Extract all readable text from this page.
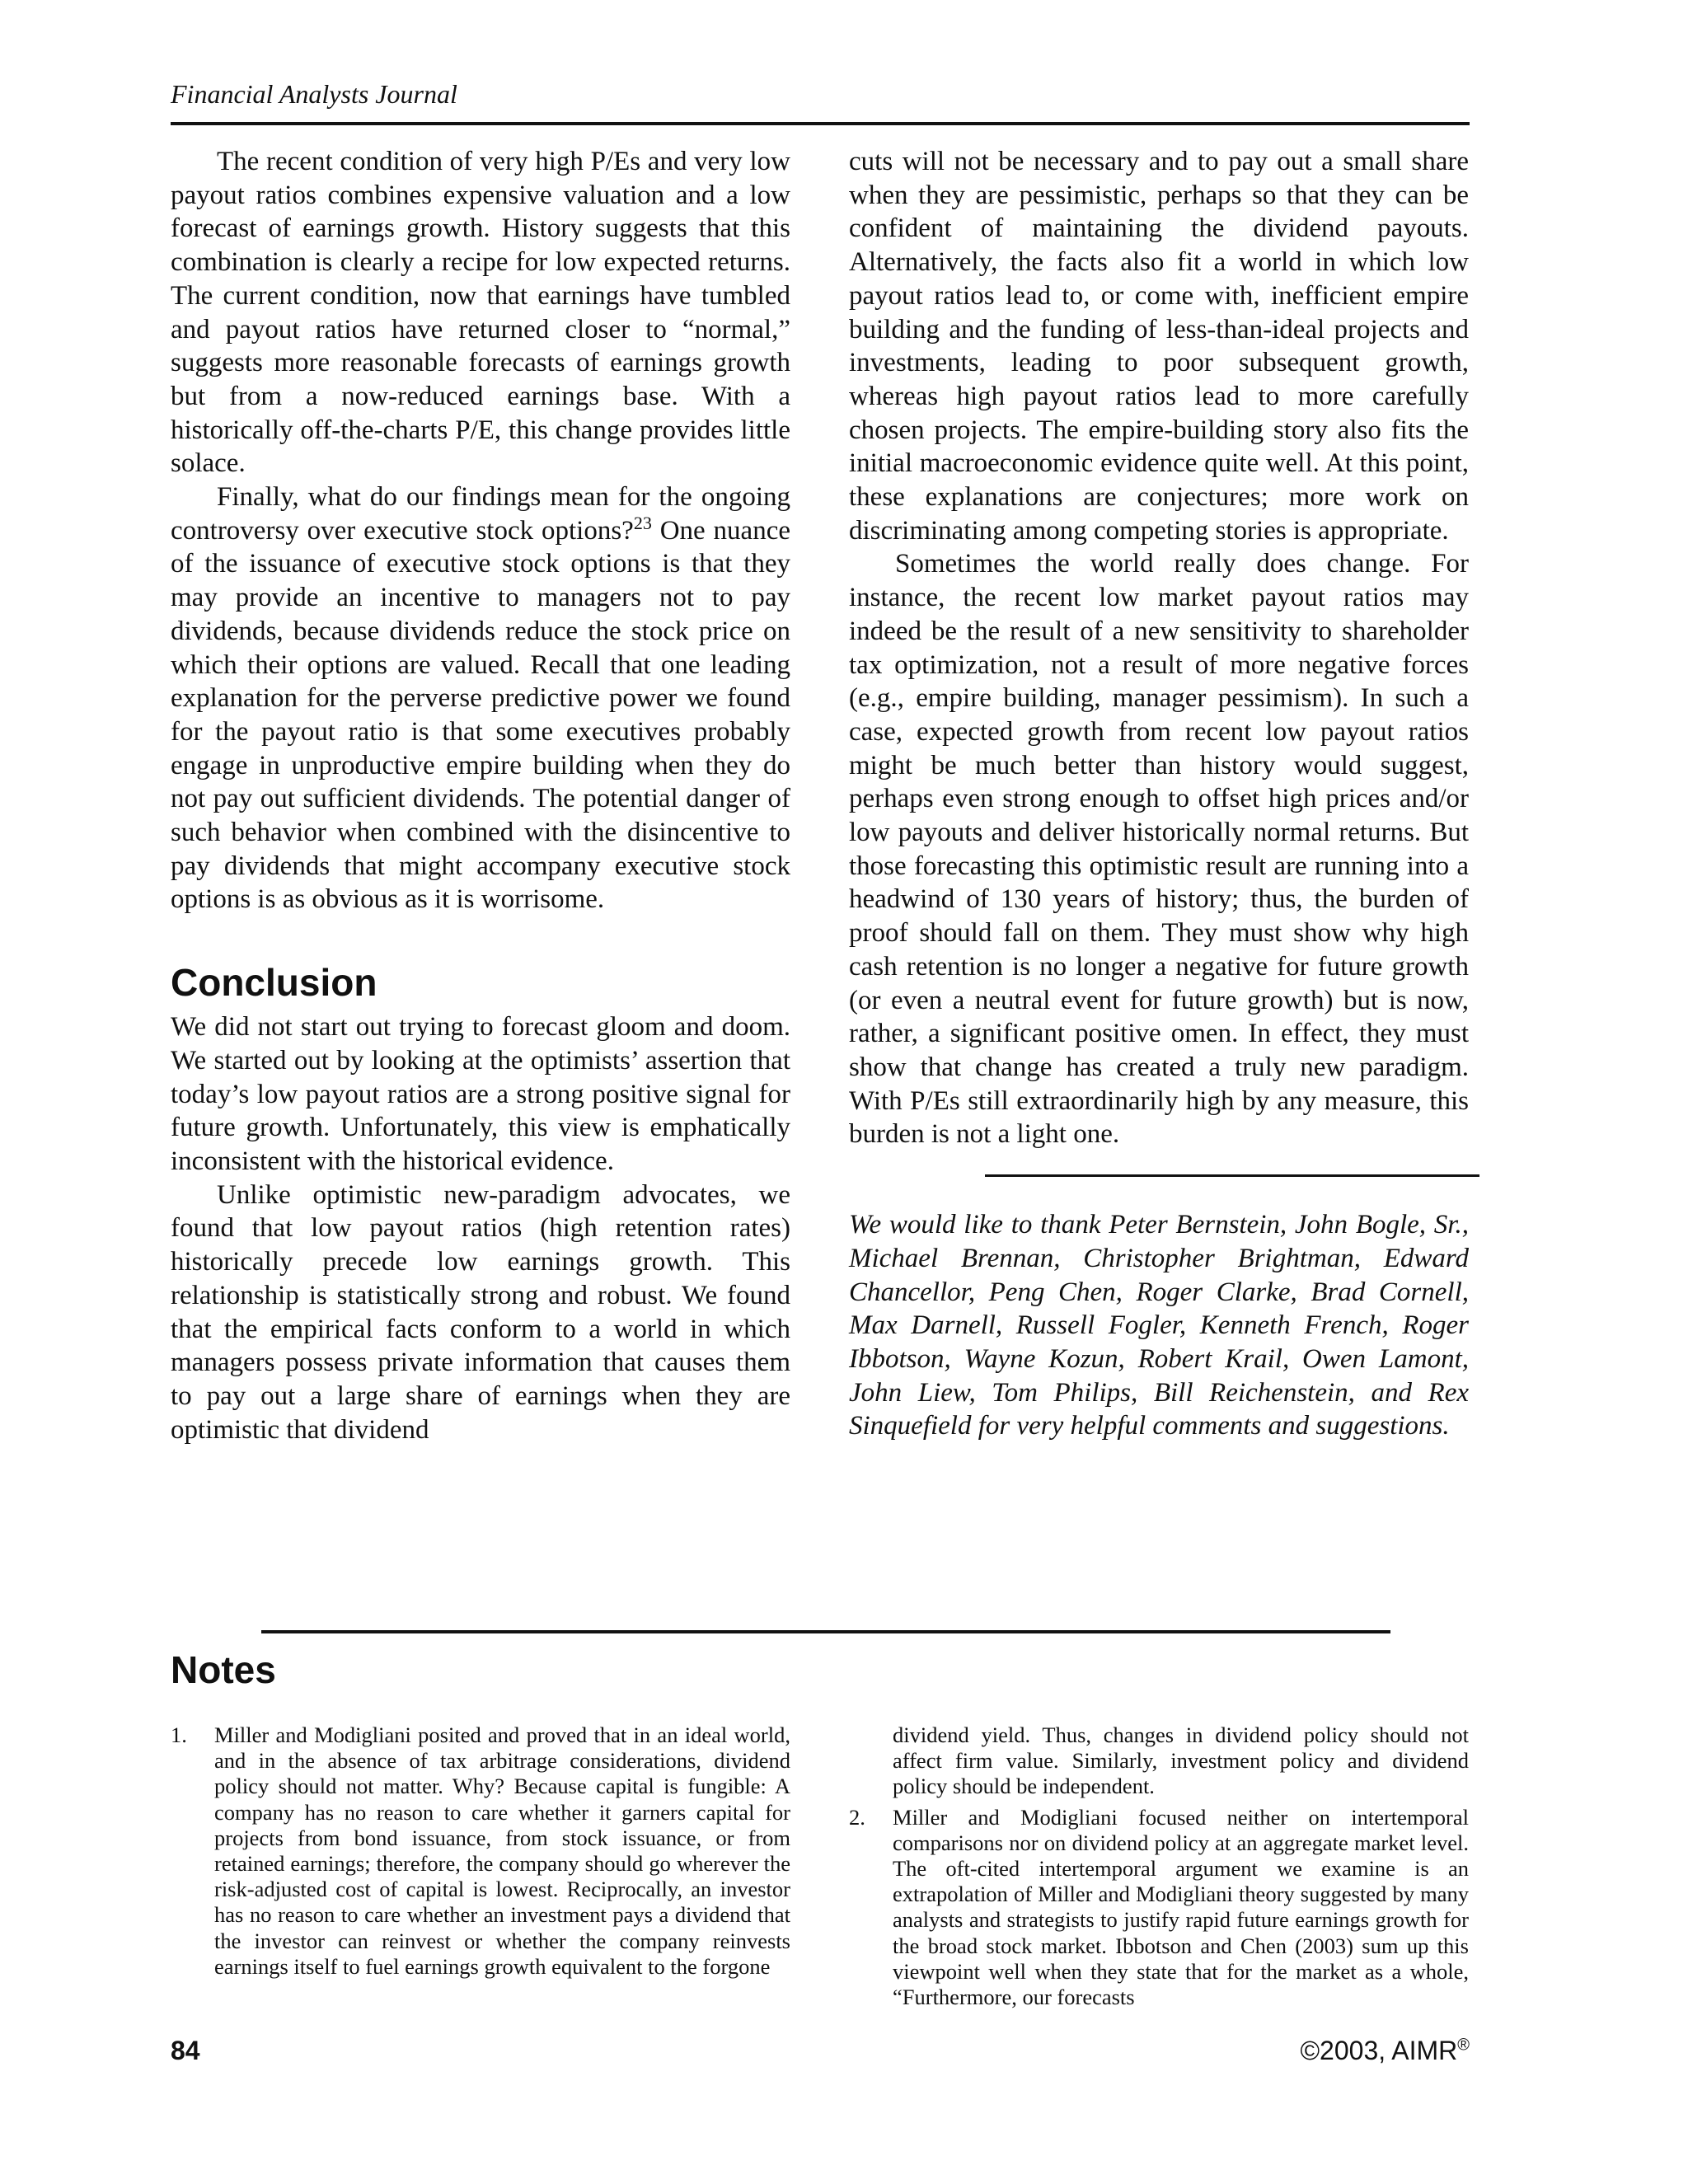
Financial Analysts Journal

The recent condition of very high P/Es and very low payout ratios combines expensive valuation and a low forecast of earnings growth. History suggests that this combination is clearly a recipe for low expected returns. The current condition, now that earnings have tumbled and payout ratios have returned closer to “normal,” suggests more reasonable forecasts of earnings growth but from a now-reduced earnings base. With a historically off-the-charts P/E, this change provides little solace.

Finally, what do our findings mean for the ongoing controversy over executive stock options?$^{23}$ One nuance of the issuance of executive stock options is that they may provide an incentive to managers not to pay dividends, because dividends reduce the stock price on which their options are valued. Recall that one leading explanation for the perverse predictive power we found for the payout ratio is that some executives probably engage in unproductive empire building when they do not pay out sufficient dividends. The potential danger of such behavior when combined with the disincentive to pay dividends that might accompany executive stock options is as obvious as it is worrisome.

Conclusion

We did not start out trying to forecast gloom and doom. We started out by looking at the optimists’ assertion that today’s low payout ratios are a strong positive signal for future growth. Unfortunately, this view is emphatically inconsistent with the historical evidence.

Unlike optimistic new-paradigm advocates, we found that low payout ratios (high retention rates) historically precede low earnings growth. This relationship is statistically strong and robust. We found that the empirical facts conform to a world in which managers possess private information that causes them to pay out a large share of earnings when they are optimistic that dividend

cuts will not be necessary and to pay out a small share when they are pessimistic, perhaps so that they can be confident of maintaining the dividend payouts. Alternatively, the facts also fit a world in which low payout ratios lead to, or come with, inefficient empire building and the funding of less-than-ideal projects and investments, leading to poor subsequent growth, whereas high payout ratios lead to more carefully chosen projects. The empire-building story also fits the initial macroeconomic evidence quite well. At this point, these explanations are conjectures; more work on discriminating among competing stories is appropriate.

Sometimes the world really does change. For instance, the recent low market payout ratios may indeed be the result of a new sensitivity to shareholder tax optimization, not a result of more negative forces (e.g., empire building, manager pessimism). In such a case, expected growth from recent low payout ratios might be much better than history would suggest, perhaps even strong enough to offset high prices and/or low payouts and deliver historically normal returns. But those forecasting this optimistic result are running into a headwind of 130 years of history; thus, the burden of proof should fall on them. They must show why high cash retention is no longer a negative for future growth (or even a neutral event for future growth) but is now, rather, a significant positive omen. In effect, they must show that change has created a truly new paradigm. With P/Es still extraordinarily high by any measure, this burden is not a light one.

We would like to thank Peter Bernstein, John Bogle, Sr., Michael Brennan, Christopher Brightman, Edward Chancellor, Peng Chen, Roger Clarke, Brad Cornell, Max Darnell, Russell Fogler, Kenneth French, Roger Ibbotson, Wayne Kozun, Robert Krail, Owen Lamont, John Liew, Tom Philips, Bill Reichenstein, and Rex Sinquefield for very helpful comments and suggestions.

Notes
1. Miller and Modigliani posited and proved that in an ideal world, and in the absence of tax arbitrage considerations, dividend policy should not matter. Why? Because capital is fungible: A company has no reason to care whether it garners capital for projects from bond issuance, from stock issuance, or from retained earnings; therefore, the company should go wherever the risk-adjusted cost of capital is lowest. Reciprocally, an investor has no reason to care whether an investment pays a dividend that the investor can reinvest or whether the company reinvests earnings itself to fuel earnings growth equivalent to the forgone
dividend yield. Thus, changes in dividend policy should not affect firm value. Similarly, investment policy and dividend policy should be independent.
2. Miller and Modigliani focused neither on intertemporal comparisons nor on dividend policy at an aggregate market level. The oft-cited intertemporal argument we examine is an extrapolation of Miller and Modigliani theory suggested by many analysts and strategists to justify rapid future earnings growth for the broad stock market. Ibbotson and Chen (2003) sum up this viewpoint well when they state that for the market as a whole, “Furthermore, our forecasts
84	©2003, AIMR®
